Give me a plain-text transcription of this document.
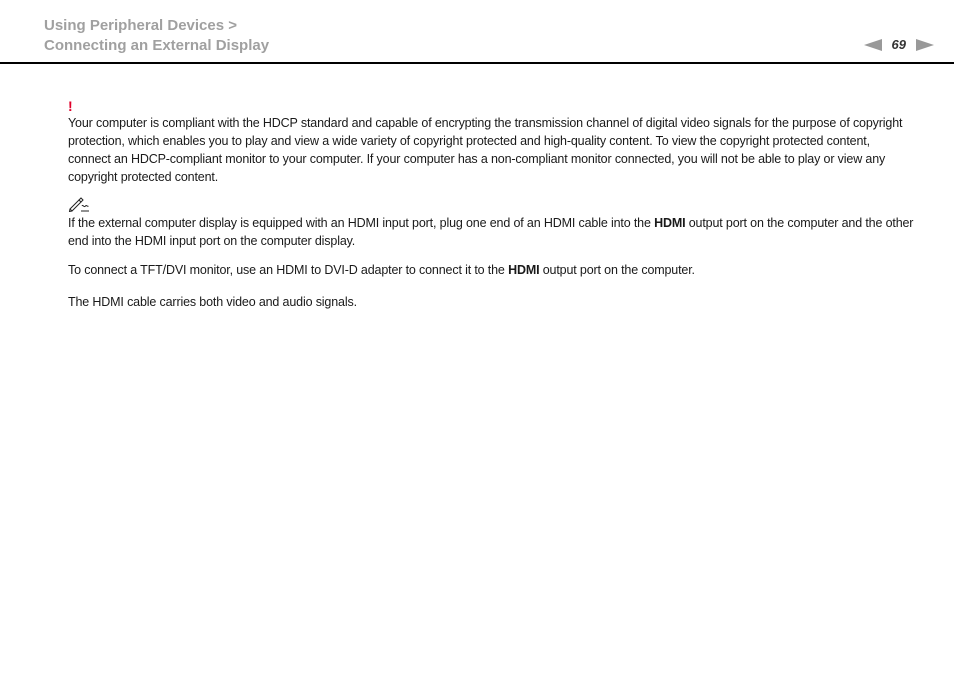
Using Peripheral Devices >
Connecting an External Display	69
!

Your computer is compliant with the HDCP standard and capable of encrypting the transmission channel of digital video signals for the purpose of copyright protection, which enables you to play and view a wide variety of copyright protected and high-quality content. To view the copyright protected content, connect an HDCP-compliant monitor to your computer. If your computer has a non-compliant monitor connected, you will not be able to play or view any copyright protected content.

If the external computer display is equipped with an HDMI input port, plug one end of an HDMI cable into the HDMI output port on the computer and the other end into the HDMI input port on the computer display.

To connect a TFT/DVI monitor, use an HDMI to DVI-D adapter to connect it to the HDMI output port on the computer.

The HDMI cable carries both video and audio signals.
